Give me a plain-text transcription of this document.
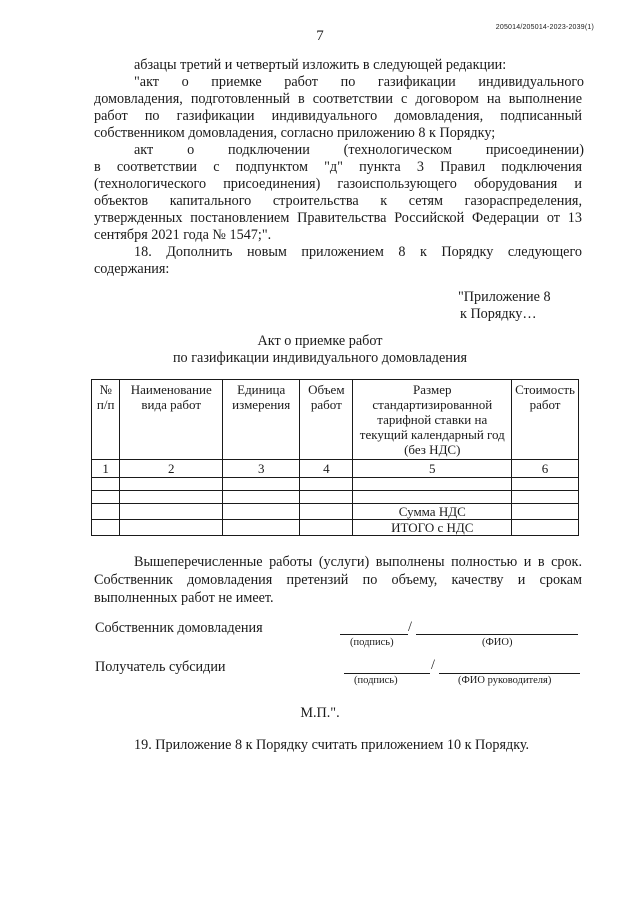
7
205014/205014-2023-2039(1)
абзацы третий и четвертый изложить в следующей редакции:
"акт о приемке работ по газификации индивидуального
домовладения, подготовленный в соответствии с договором на выполнение работ по газификации индивидуального домовладения, подписанный собственником домовладения, согласно приложению 8 к Порядку;
акт о подключении (технологическом присоединении)
в соответствии с подпунктом "д" пункта 3 Правил подключения (технологического присоединения) газоиспользующего оборудования и объектов капитального строительства к сетям газораспределения, утвержденных постановлением Правительства Российской Федерации от 13 сентября 2021 года № 1547;".
18. Дополнить новым приложением 8 к Порядку следующего содержания:
"Приложение 8
к Порядку…
Акт о приемке работ
по газификации индивидуального домовладения
№ п/п	Наименование вида работ	Единица измерения	Объем работ	Размер стандартизированной тарифной ставки на текущий календарный год (без НДС)	Стоимость работ
1	2	3	4	5	6

				Сумма НДС	
				ИТОГО с НДС	
Вышеперечисленные работы (услуги) выполнены полностью и в срок. Собственник домовладения претензий по объему, качеству и срокам выполненных работ не имеет.
Собственник домовладения	/
(подпись)	(ФИО)
Получатель субсидии	/
(подпись)	(ФИО руководителя)
М.П.".
19. Приложение 8 к Порядку считать приложением 10 к Порядку.
